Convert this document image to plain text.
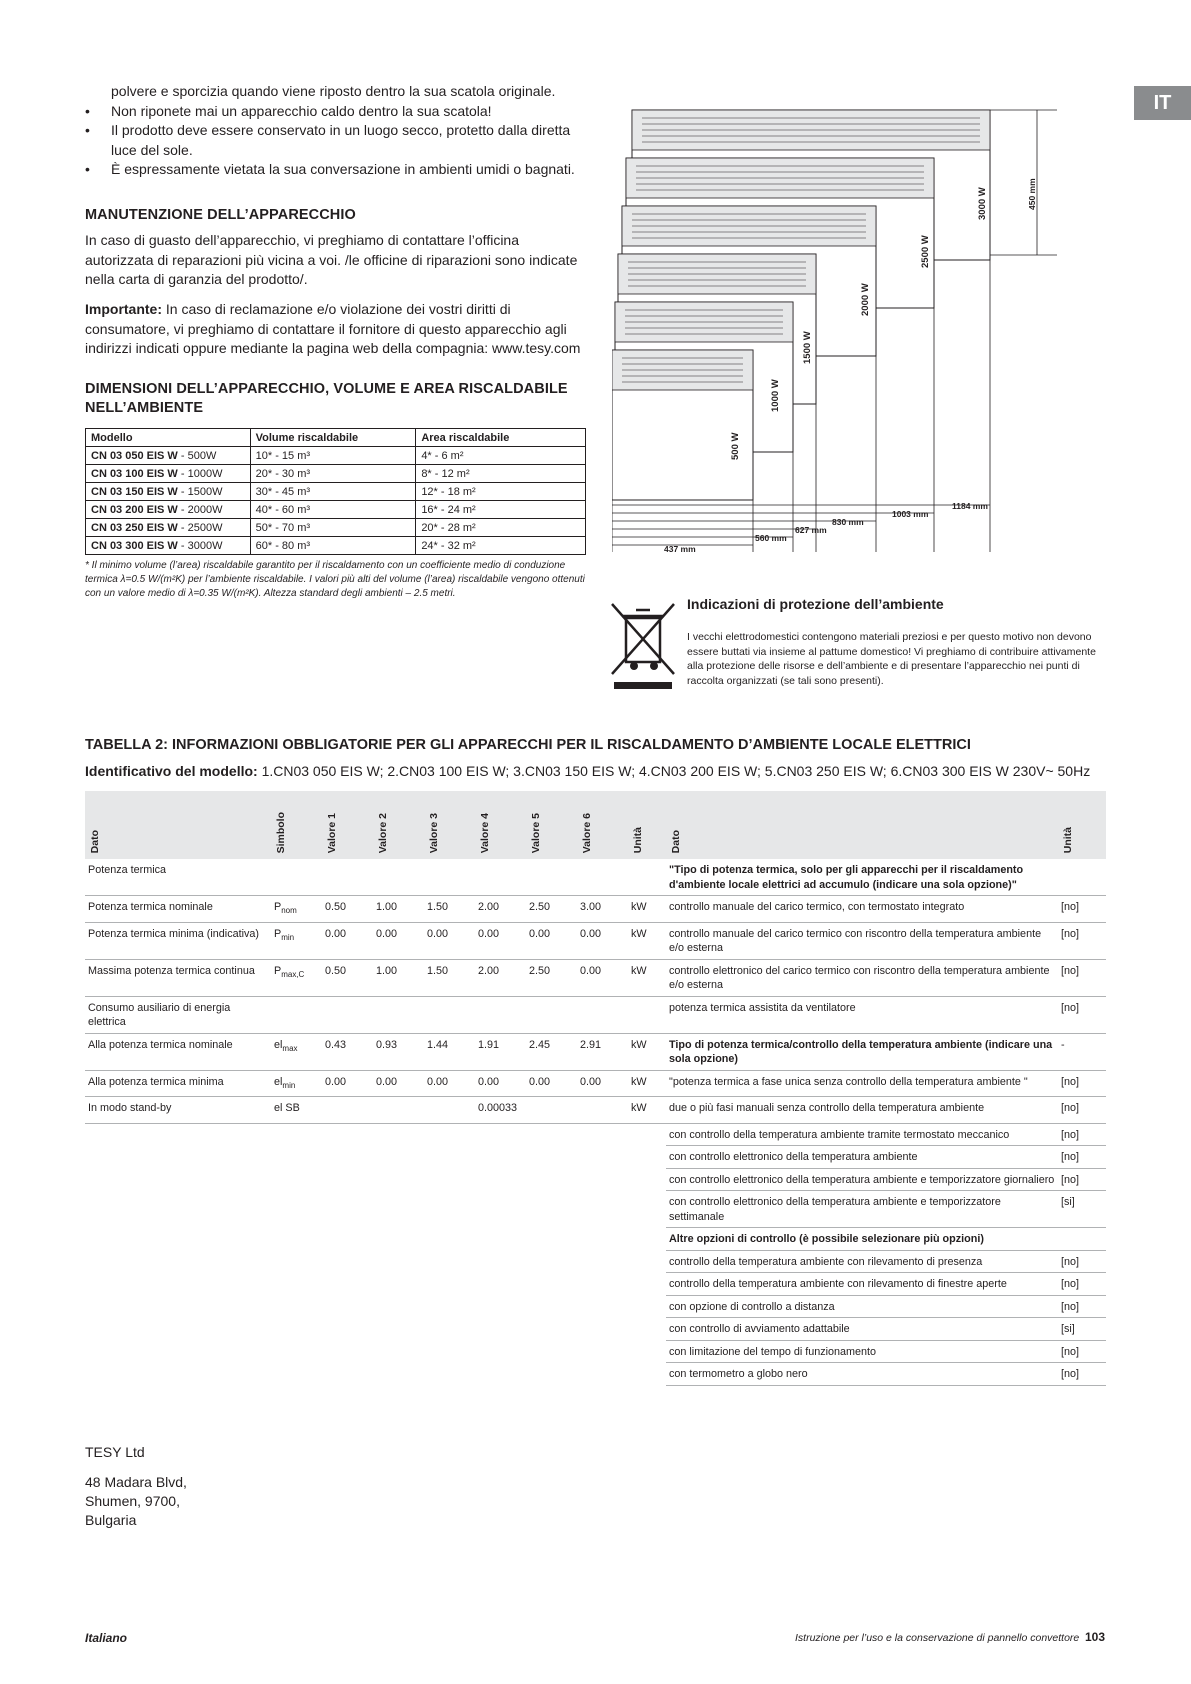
IT
polvere e sporcizia quando viene riposto dentro la sua scatola originale.
• Non riponete mai un apparecchio caldo dentro la sua scatola!
• Il prodotto deve essere conservato in un luogo secco, protetto dalla diretta luce del sole.
• È espressamente vietata la sua conversazione in ambienti umidi o bagnati.
MANUTENZIONE DELL’APPARECCHIO
In caso di guasto dell’apparecchio, vi preghiamo di contattare l’officina autorizzata di reparazioni più vicina a voi. /le officine di riparazioni sono indicate nella carta di garanzia del prodotto/.
Importante: In caso di reclamazione e/o violazione dei vostri diritti di consumatore, vi preghiamo di contattare il fornitore di questo apparecchio agli indirizzi indicati oppure mediante la pagina web della compagnia: www.tesy.com
DIMENSIONI DELL’APPARECCHIO, VOLUME E AREA RISCALDABILE NELL’AMBIENTE
Modello	Volume riscaldabile	Area riscaldabile
CN 03 050 EIS W - 500W	10* - 15 m³	4* - 6 m²
CN 03 100 EIS W - 1000W	20* - 30 m³	8* - 12 m²
CN 03 150 EIS W - 1500W	30* - 45 m³	12* - 18 m²
CN 03 200 EIS W - 2000W	40* - 60 m³	16* - 24 m²
CN 03 250 EIS W - 2500W	50* - 70 m³	20* - 28 m²
CN 03 300 EIS W - 3000W	60* - 80 m³	24* - 32 m²
* Il minimo volume (l’area) riscaldabile garantito per il riscaldamento con un coefficiente medio di conduzione termica λ=0.5 W/(m²K) per l’ambiente riscaldabile. I valori più alti del volume (l’area) riscaldabile vengono ottenuti con un valore medio di λ=0.35 W/(m²K). Altezza standard degli ambienti – 2.5 metri.
500 W
1000 W
1500 W
2000 W
2500 W
3000 W	450 mm
437 mm
560 mm
627 mm
830 mm
1003 mm
1184 mm
Indicazioni di protezione dell’ambiente
I vecchi elettrodomestici contengono materiali preziosi e per questo motivo non devono essere buttati via insieme al pattume domestico! Vi preghiamo di contribuire attivamente alla protezione delle risorse e dell’ambiente e di presentare l’apparecchio nei punti di raccolta organizzati (se tali sono presenti).
TABELLA 2: INFORMAZIONI OBBLIGATORIE PER GLI APPARECCHI PER IL RISCALDAMENTO D’AMBIENTE LOCALE ELETTRICI
Identificativo del modello: 1.CN03 050 EIS W; 2.CN03 100 EIS W; 3.CN03 150 EIS W; 4.CN03 200 EIS W; 5.CN03 250 EIS W; 6.CN03 300 EIS W 230V~ 50Hz
Dato	Simbolo	Valore 1	Valore 2	Valore 3	Valore 4	Valore 5	Valore 6	Unità	Dato	Unità

Potenza termica									"Tipo di potenza termica, solo per gli apparecchi per il riscaldamento d'ambiente locale elettrici ad accumulo (indicare una sola opzione)"	
Potenza termica nominale	$P_{nom}$	0.50	1.00	1.50	2.00	2.50	3.00	kW	controllo manuale del carico termico, con termostato integrato	[no]
Potenza termica minima (indicativa)	$P_{min}$	0.00	0.00	0.00	0.00	0.00	0.00	kW	controllo manuale del carico termico con riscontro della temperatura ambiente e/o esterna	[no]
Massima potenza termica continua	$P_{max,C}$	0.50	1.00	1.50	2.00	2.50	0.00	kW	controllo elettronico del carico termico con riscontro della temperatura ambiente e/o esterna	[no]
Consumo ausiliario di energia elettrica									potenza termica assistita da ventilatore	[no]
Alla potenza termica nominale	$el_{max}$	0.43	0.93	1.44	1.91	2.45	2.91	kW	Tipo di potenza termica/controllo della temperatura ambiente (indicare una sola opzione)	-
Alla potenza termica minima	$el_{min}$	0.00	0.00	0.00	0.00	0.00	0.00	kW	"potenza termica a fase unica senza controllo della temperatura ambiente "	[no]
In modo stand-by	el SB				0.00033			kW	due o più fasi manuali senza controllo della temperatura ambiente	[no]
									con controllo della temperatura ambiente tramite termostato meccanico	[no]
									con controllo elettronico della temperatura ambiente	[no]
									con controllo elettronico della temperatura ambiente e temporizzatore giornaliero	[no]
									con controllo elettronico della temperatura ambiente e temporizzatore settimanale	[si]
									Altre opzioni di controllo (è possibile selezionare più opzioni)	
									controllo della temperatura ambiente con rilevamento di presenza	[no]
									controllo della temperatura ambiente con rilevamento di finestre aperte	[no]
									con opzione di controllo a distanza	[no]
									con controllo di avviamento adattabile	[si]
									con limitazione del tempo di funzionamento	[no]
									con termometro a globo nero	[no]
TESY Ltd
48 Madara Blvd,
Shumen, 9700,
Bulgaria
Italiano	Istruzione per l’uso e la conservazione di pannello convettore 103
